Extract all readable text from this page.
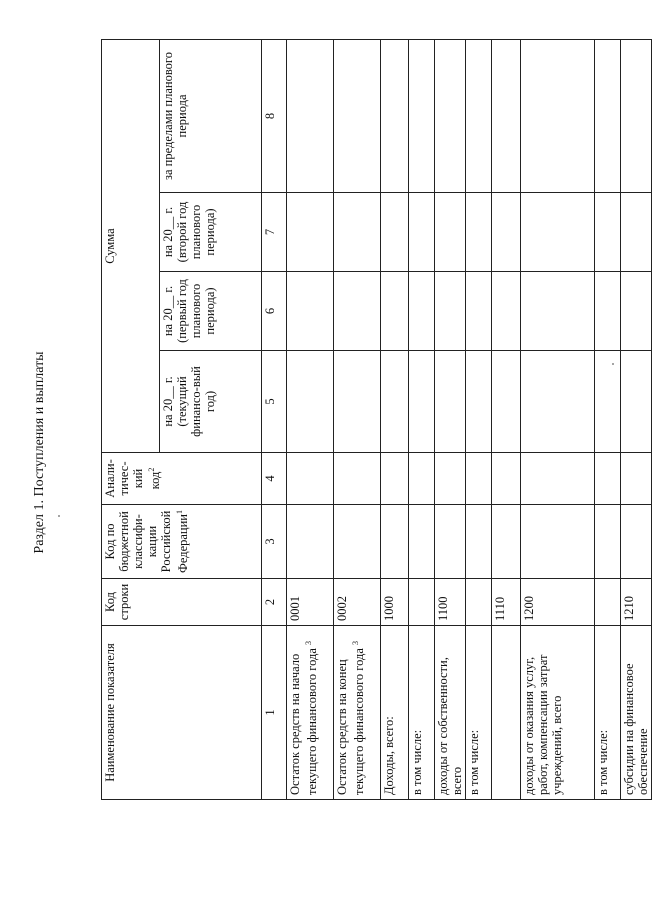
Раздел 1. Поступления и выплаты
Наименование показателя	Код строки	Код по бюджетной классифи-кации Российской Федерации$^1$	Анали-тичес-кий код$^2$	Сумма			
				на 20__ г. (текущий финансо-вый год)	на 20__ г. (первый год планового периода)	на 20__ г. (второй год планового периода)	за пределами планового периода
1	2	3	4	5	6	7	8
Остаток средств на начало текущего финансового года $^3$	0001						
Остаток средств на конец текущего финансового года $^3$	0002						
Доходы, всего:	1000						
в том числе:							
доходы от собственности, всего	1100						
в том числе:							
	1110						
доходы от оказания услуг, работ, компенсации затрат учреждений, всего	1200						
в том числе:							
субсидии на финансовое обеспечение	1210						
